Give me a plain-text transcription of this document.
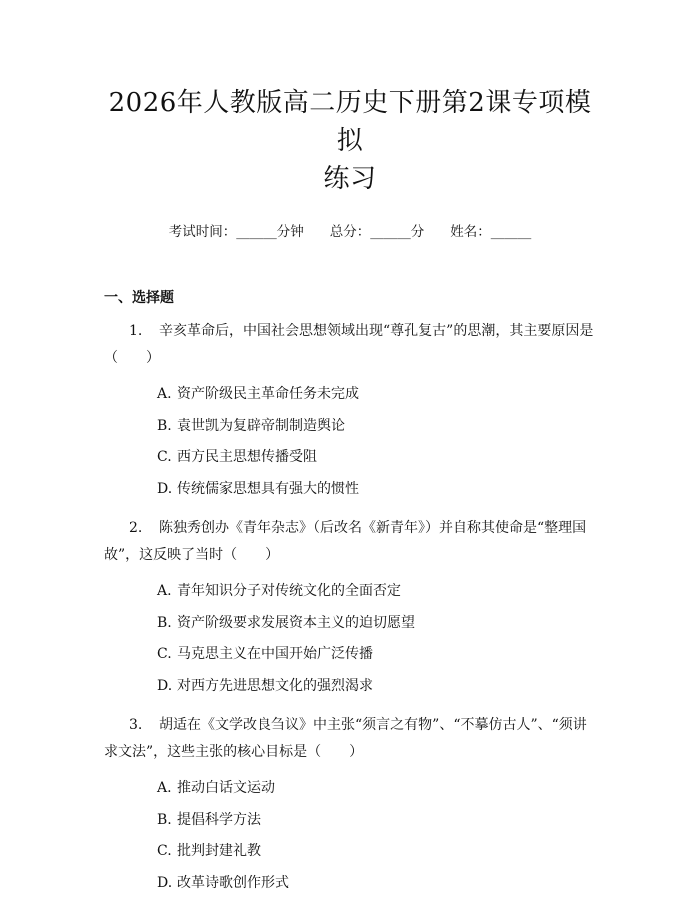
2026年人教版高二历史下册第2课专项模拟
练习
考试时间：______分钟 总分：______分 姓名：______
一、选择题
1. 辛亥革命后，中国社会思想领域出现“尊孔复古”的思潮，其主要原因是（　　）
A. 资产阶级民主革命任务未完成
B. 袁世凯为复辟帝制制造舆论
C. 西方民主思想传播受阻
D. 传统儒家思想具有强大的惯性
2. 陈独秀创办《青年杂志》（后改名《新青年》）并自称其使命是“整理国故”，这反映了当时（　　）
A. 青年知识分子对传统文化的全面否定
B. 资产阶级要求发展资本主义的迫切愿望
C. 马克思主义在中国开始广泛传播
D. 对西方先进思想文化的强烈渴求
3. 胡适在《文学改良刍议》中主张“须言之有物”、“不摹仿古人”、“须讲求文法”，这些主张的核心目标是（　　）
A. 推动白话文运动
B. 提倡科学方法
C. 批判封建礼教
D. 改革诗歌创作形式
